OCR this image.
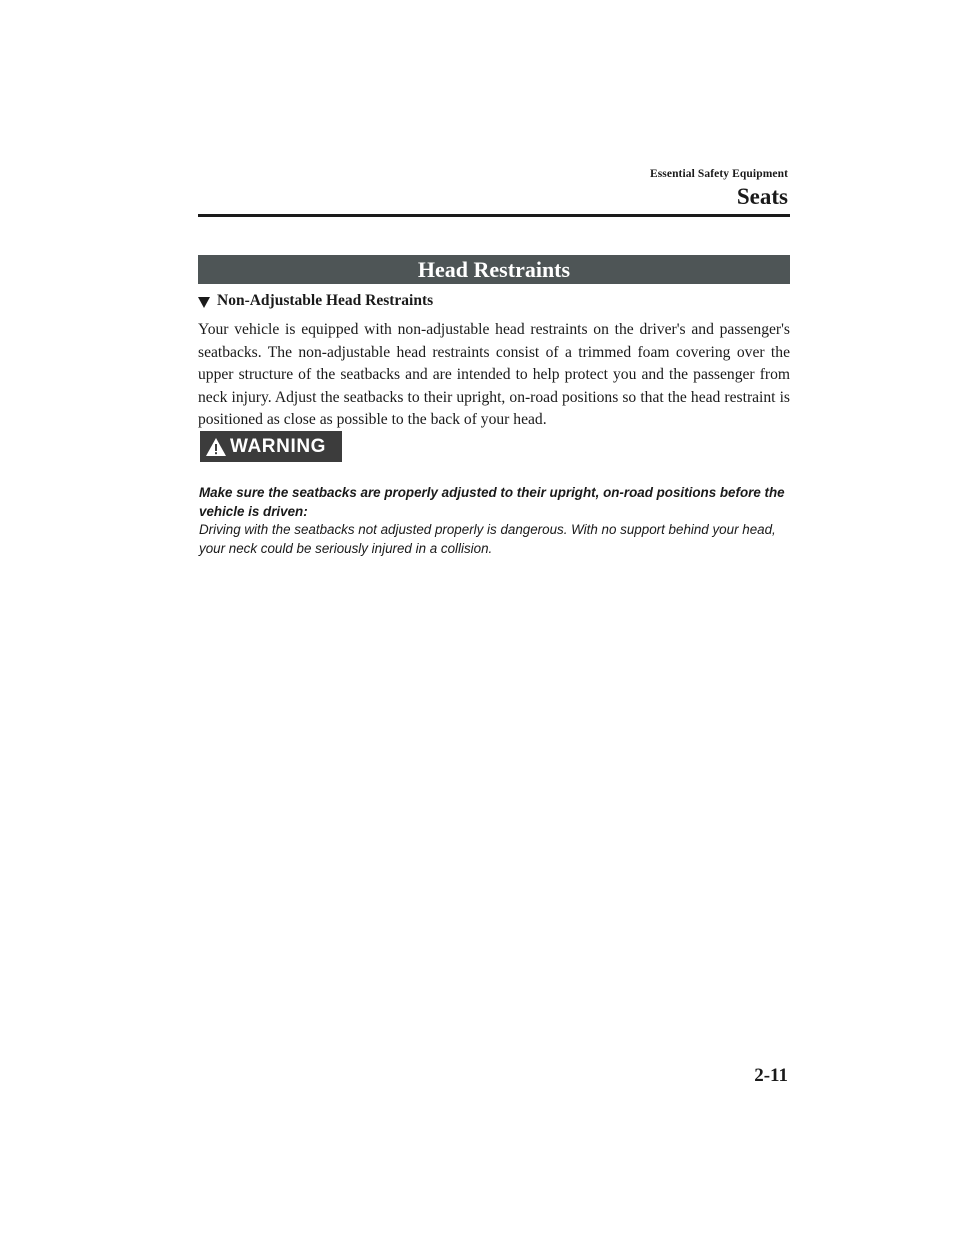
Essential Safety Equipment
Seats
Head Restraints
Non-Adjustable Head Restraints
Your vehicle is equipped with non-adjustable head restraints on the driver's and passenger's seatbacks. The non-adjustable head restraints consist of a trimmed foam covering over the upper structure of the seatbacks and are intended to help protect you and the passenger from neck injury. Adjust the seatbacks to their upright, on-road positions so that the head restraint is positioned as close as possible to the back of your head.
WARNING
Make sure the seatbacks are properly adjusted to their upright, on-road positions before the vehicle is driven:
Driving with the seatbacks not adjusted properly is dangerous. With no support behind your head, your neck could be seriously injured in a collision.
2-11
